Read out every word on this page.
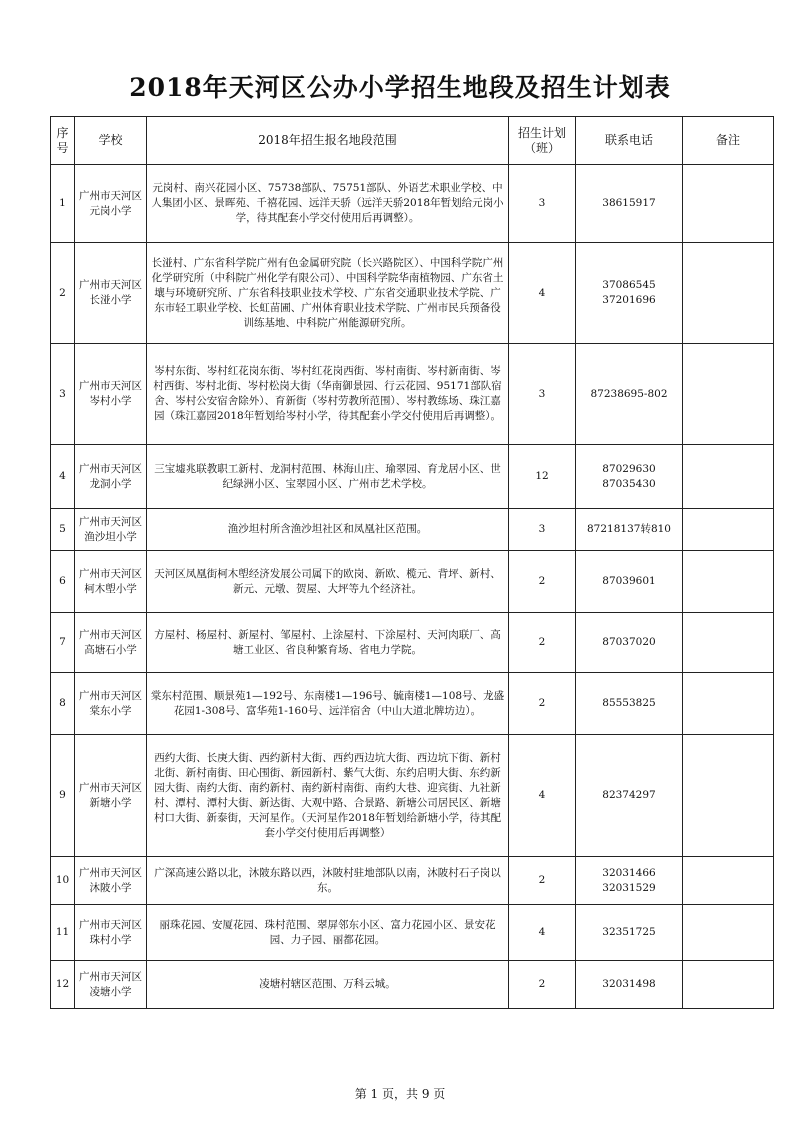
2018年天河区公办小学招生地段及招生计划表
序号	学校	2018年招生报名地段范围	招生计划（班）	联系电话	备注
1	广州市天河区元岗小学	元岗村、南兴花园小区、75738部队、75751部队、外语艺术职业学校、中人集团小区、景晖苑、千禧花园、远洋天骄（远洋天骄2018年暂划给元岗小学，待其配套小学交付使用后再调整）。	3	38615917	
2	广州市天河区长湴小学	长湴村、广东省科学院广州有色金属研究院（长兴路院区）、中国科学院广州化学研究所（中科院广州化学有限公司）、中国科学院华南植物园、广东省土壤与环境研究所、广东省科技职业技术学校、广东省交通职业技术学院、广东市轻工职业学校、长虹苗圃、广州体育职业技术学院、广州市民兵预备役训练基地、中科院广州能源研究所。	4	37086545 37201696	
3	广州市天河区岑村小学	岑村东街、岑村红花岗东街、岑村红花岗西街、岑村南街、岑村新南街、岑村西街、岑村北街、岑村松岗大街（华南御景园、行云花园、95171部队宿舍、岑村公安宿舍除外）、育新街（岑村劳教所范围）、岑村教练场、珠江嘉园（珠江嘉园2018年暂划给岑村小学，待其配套小学交付使用后再调整）。	3	87238695-802	
4	广州市天河区龙洞小学	三宝墟兆联教职工新村、龙洞村范围、林海山庄、瑜翠园、育龙居小区、世纪绿洲小区、宝翠园小区、广州市艺术学校。	12	87029630 87035430	
5	广州市天河区渔沙坦小学	渔沙坦村所含渔沙坦社区和凤凰社区范围。	3	87218137转810	
6	广州市天河区柯木塱小学	天河区凤凰街柯木塱经济发展公司属下的欧岗、新欧、榄元、背坪、新村、新元、元墩、贺屋、大坪等九个经济社。	2	87039601	
7	广州市天河区高塘石小学	方屋村、杨屋村、新屋村、邹屋村、上涂屋村、下涂屋村、天河肉联厂、高塘工业区、省良种繁育场、省电力学院。	2	87037020	
8	广州市天河区棠东小学	棠东村范围、顺景苑1—192号、东南楼1—196号、毓南楼1—108号、龙盛花园1-308号、富华苑1-160号、远洋宿舍（中山大道北牌坊边）。	2	85553825	
9	广州市天河区新塘小学	西约大街、长庚大街、西约新村大街、西约西边坑大街、西边坑下街、新村北街、新村南街、田心围街、新园新村、紫气大街、东约启明大街、东约新园大街、南约大街、南约新村、南约新村南街、南约大巷、迎宾街、九社新村、潭村、潭村大街、新达街、大观中路、合景路、新塘公司居民区、新塘村口大街、新泰街，天河星作。（天河星作2018年暂划给新塘小学，待其配套小学交付使用后再调整）	4	82374297	
10	广州市天河区沐陂小学	广深高速公路以北，沐陂东路以西，沐陂村驻地部队以南，沐陂村石子岗以东。	2	32031466 32031529	
11	广州市天河区珠村小学	丽珠花园、安厦花园、珠村范围、翠屏邻东小区、富力花园小区、景安花园、力子园、丽都花园。	4	32351725	
12	广州市天河区凌塘小学	凌塘村辖区范围、万科云城。	2	32031498	
第 1 页，共 9 页
